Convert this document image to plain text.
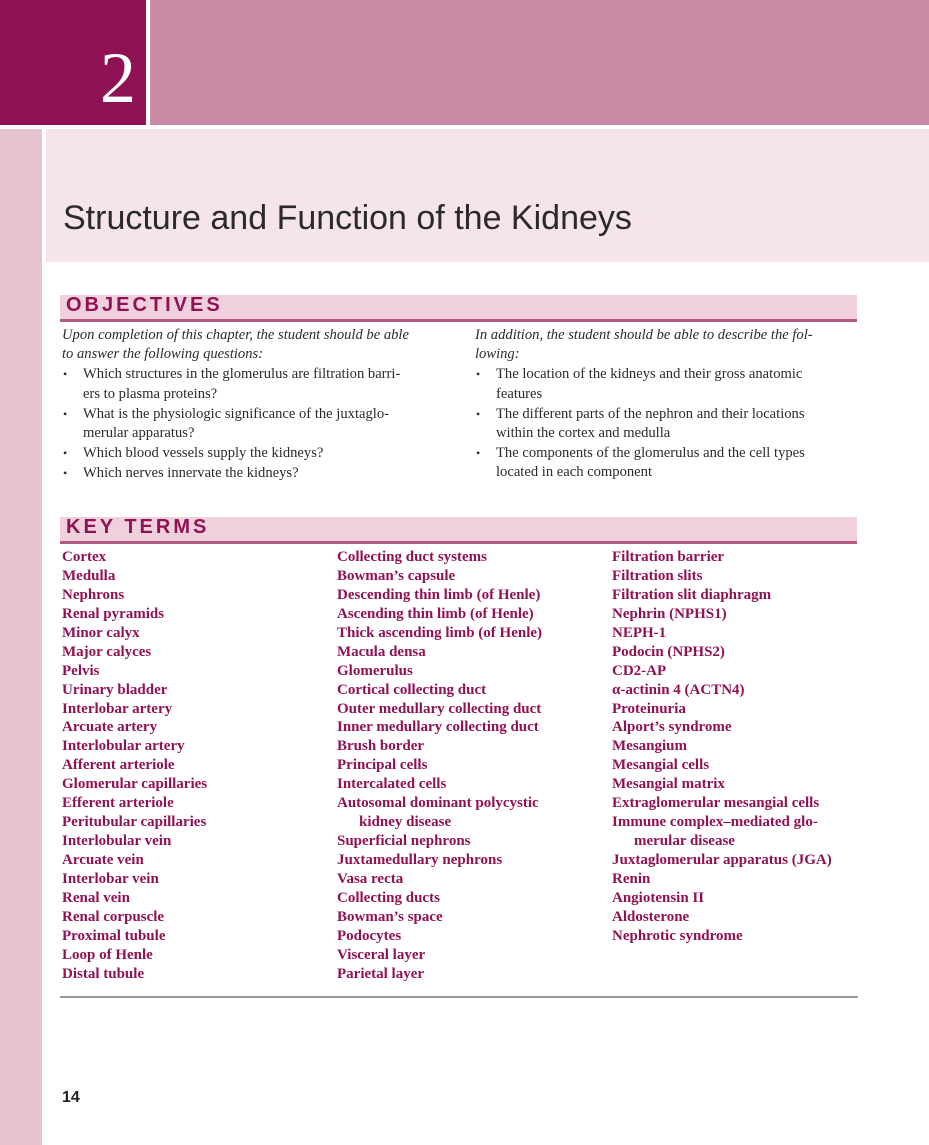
2
Structure and Function of the Kidneys
OBJECTIVES

Upon completion of this chapter, the student should be able
to answer the following questions:

• Which structures in the glomerulus are filtration barri-
ers to plasma proteins?
• What is the physiologic significance of the juxtaglo-
merular apparatus?
• Which blood vessels supply the kidneys?
• Which nerves innervate the kidneys?

In addition, the student should be able to describe the fol-
lowing:

• The location of the kidneys and their gross anatomic
features
• The different parts of the nephron and their locations
within the cortex and medulla
• The components of the glomerulus and the cell types
located in each component
KEY TERMS
Cortex
Medulla
Nephrons
Renal pyramids
Minor calyx
Major calyces
Pelvis
Urinary bladder
Interlobar artery
Arcuate artery
Interlobular artery
Afferent arteriole
Glomerular capillaries
Efferent arteriole
Peritubular capillaries
Interlobular vein
Arcuate vein
Interlobar vein
Renal vein
Renal corpuscle
Proximal tubule
Loop of Henle
Distal tubule
Collecting duct systems
Bowman’s capsule
Descending thin limb (of Henle)
Ascending thin limb (of Henle)
Thick ascending limb (of Henle)
Macula densa
Glomerulus
Cortical collecting duct
Outer medullary collecting duct
Inner medullary collecting duct
Brush border
Principal cells
Intercalated cells
Autosomal dominant polycystic
kidney disease
Superficial nephrons
Juxtamedullary nephrons
Vasa recta
Collecting ducts
Bowman’s space
Podocytes
Visceral layer
Parietal layer
Filtration barrier
Filtration slits
Filtration slit diaphragm
Nephrin (NPHS1)
NEPH-1
Podocin (NPHS2)
CD2-AP
α-actinin 4 (ACTN4)
Proteinuria
Alport’s syndrome
Mesangium
Mesangial cells
Mesangial matrix
Extraglomerular mesangial cells
Immune complex–mediated glo-
merular disease
Juxtaglomerular apparatus (JGA)
Renin
Angiotensin II
Aldosterone
Nephrotic syndrome
14
